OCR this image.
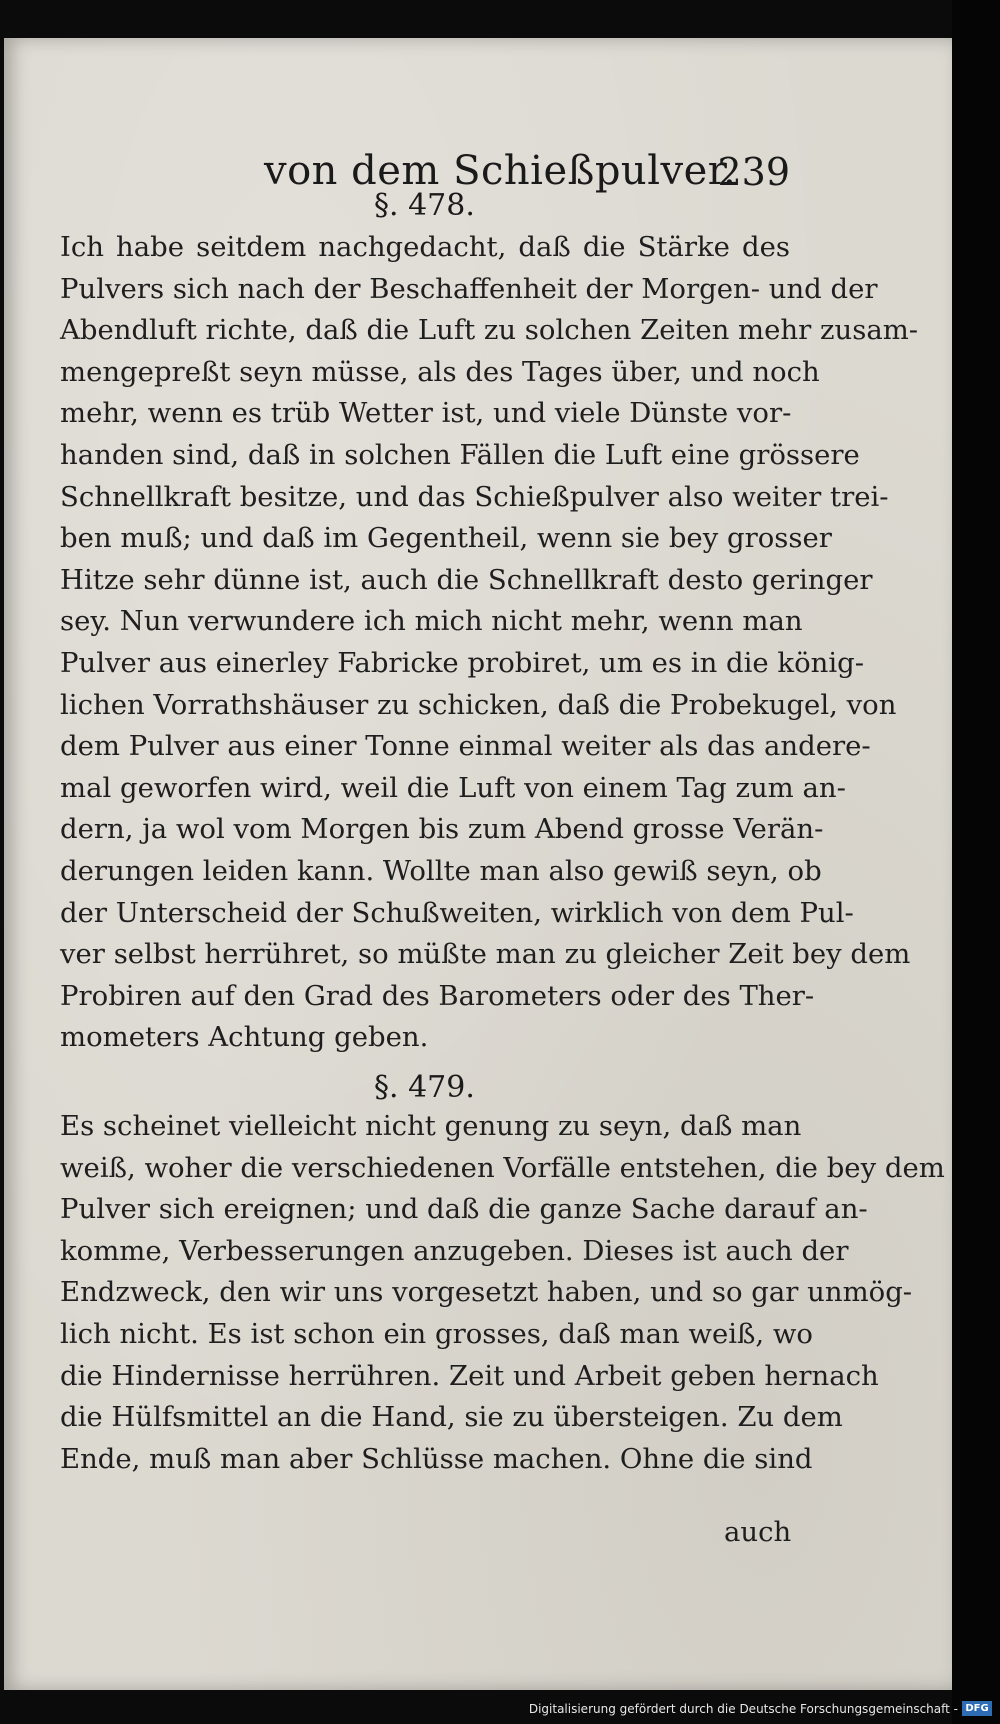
von dem Schießpulver.
239
§. 478.
Ich habe seitdem nachgedacht, daß die Stärke des
Pulvers sich nach der Beschaffenheit der Morgen- und der
Abendluft richte, daß die Luft zu solchen Zeiten mehr zusam-
mengepreßt seyn müsse, als des Tages über, und noch
mehr, wenn es trüb Wetter ist, und viele Dünste vor-
handen sind, daß in solchen Fällen die Luft eine grössere
Schnellkraft besitze, und das Schießpulver also weiter trei-
ben muß; und daß im Gegentheil, wenn sie bey grosser
Hitze sehr dünne ist, auch die Schnellkraft desto geringer
sey. Nun verwundere ich mich nicht mehr, wenn man
Pulver aus einerley Fabricke probiret, um es in die könig-
lichen Vorrathshäuser zu schicken, daß die Probekugel, von
dem Pulver aus einer Tonne einmal weiter als das andere-
mal geworfen wird, weil die Luft von einem Tag zum an-
dern, ja wol vom Morgen bis zum Abend grosse Verän-
derungen leiden kann. Wollte man also gewiß seyn, ob
der Unterscheid der Schußweiten, wirklich von dem Pul-
ver selbst herrühret, so müßte man zu gleicher Zeit bey dem
Probiren auf den Grad des Barometers oder des Ther-
mometers Achtung geben.
§. 479.
Es scheinet vielleicht nicht genung zu seyn, daß man
weiß, woher die verschiedenen Vorfälle entstehen, die bey dem
Pulver sich ereignen; und daß die ganze Sache darauf an-
komme, Verbesserungen anzugeben. Dieses ist auch der
Endzweck, den wir uns vorgesetzt haben, und so gar unmög-
lich nicht. Es ist schon ein grosses, daß man weiß, wo
die Hindernisse herrühren. Zeit und Arbeit geben hernach
die Hülfsmittel an die Hand, sie zu übersteigen. Zu dem
Ende, muß man aber Schlüsse machen. Ohne die sind
auch
Digitalisierung gefördert durch die Deutsche Forschungsgemeinschaft - DFG
